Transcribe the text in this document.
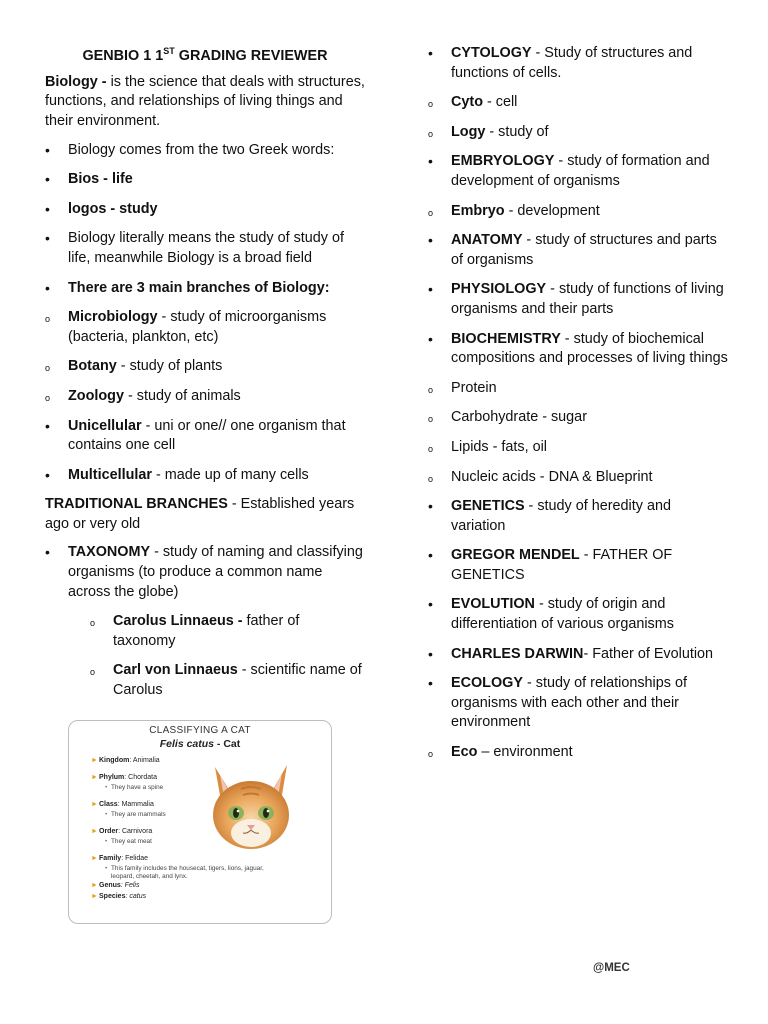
GENBIO 1 1ST GRADING REVIEWER

Biology - is the science that deals with structures, functions, and relationships of living things and their environment.

•	Biology comes from the two Greek words:
•	Bios - life
•	logos - study
•	Biology literally means the study of study of life, meanwhile Biology is a broad field
•	There are 3 main branches of Biology:
o	Microbiology - study of microorganisms (bacteria, plankton, etc)
o	Botany - study of plants
o	Zoology - study of animals
•	Unicellular - uni or one// one organism that contains one cell
•	Multicellular - made up of many cells

TRADITIONAL BRANCHES - Established years ago or very old

•	TAXONOMY - study of naming and classifying organisms (to produce a common name across the globe)
o	Carolus Linnaeus - father of taxonomy
o	Carl von Linnaeus - scientific name of Carolus
•	CYTOLOGY - Study of structures and functions of cells.
o	Cyto - cell
o	Logy - study of
•	EMBRYOLOGY - study of formation and development of organisms
o	Embryo - development
•	ANATOMY - study of structures and parts of organisms
•	PHYSIOLOGY - study of functions of living organisms and their parts
•	BIOCHEMISTRY - study of biochemical compositions and processes of living things
o	Protein
o	Carbohydrate - sugar
o	Lipids - fats, oil
o	Nucleic acids - DNA & Blueprint
•	GENETICS - study of heredity and variation
•	GREGOR MENDEL - FATHER OF GENETICS
•	EVOLUTION - study of origin and differentiation of various organisms
•	CHARLES DARWIN- Father of Evolution
•	ECOLOGY - study of relationships of organisms with each other and their environment
o	Eco – environment
CLASSIFYING A CAT
Felis catus - Cat
► Kingdom: Animalia
► Phylum: Chordata
• They have a spine
► Class: Mammalia
• They are mammals
► Order: Carnivora
• They eat meat
► Family: Felidae
• This family includes the housecat, tigers, lions, jaguar,
leopard, cheetah, and lynx.
► Genus: Felis
► Species: catus
@MEC
